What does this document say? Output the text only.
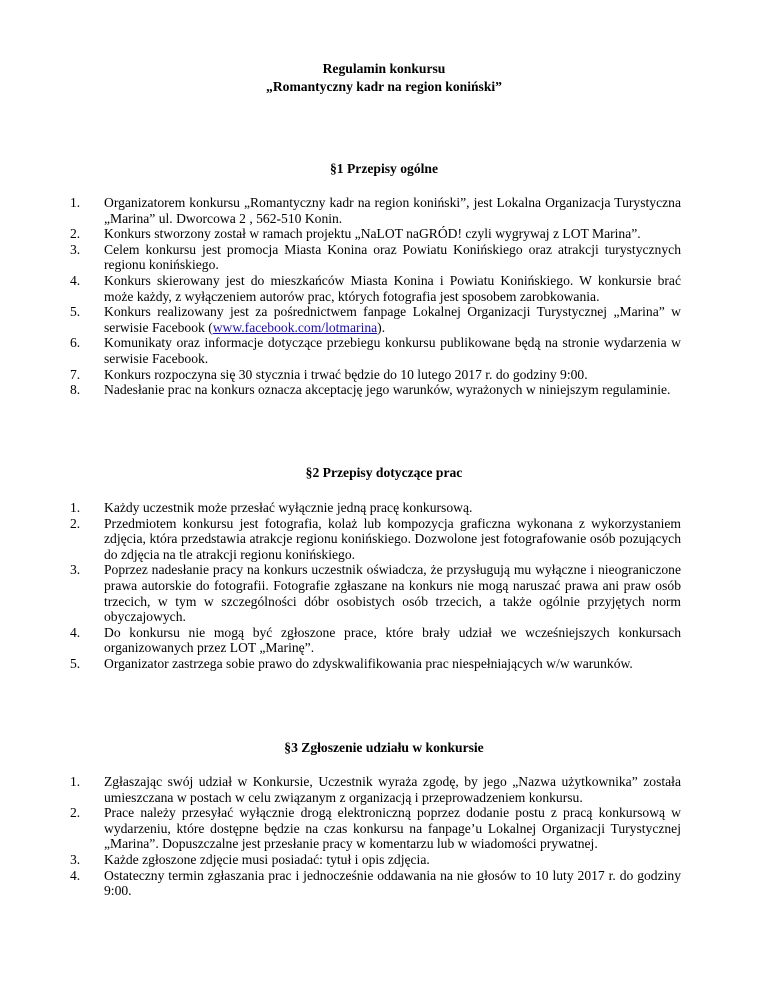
Regulamin konkursu
„Romantyczny kadr na region koniński”
§1 Przepisy ogólne
1. Organizatorem konkursu „Romantyczny kadr na region koniński”, jest Lokalna Organizacja Turystyczna „Marina” ul. Dworcowa 2 , 562-510 Konin.
2. Konkurs stworzony został w ramach projektu „NaLOT naGRÓD! czyli wygrywaj z LOT Marina”.
3. Celem konkursu jest promocja Miasta Konina oraz Powiatu Konińskiego oraz atrakcji turystycznych regionu konińskiego.
4. Konkurs skierowany jest do mieszkańców Miasta Konina i Powiatu Konińskiego. W konkursie brać może każdy, z wyłączeniem autorów prac, których fotografia jest sposobem zarobkowania.
5. Konkurs realizowany jest za pośrednictwem fanpage Lokalnej Organizacji Turystycznej „Marina” w serwisie Facebook (www.facebook.com/lotmarina).
6. Komunikaty oraz informacje dotyczące przebiegu konkursu publikowane będą na stronie wydarzenia w serwisie Facebook.
7. Konkurs rozpoczyna się 30 stycznia i trwać będzie do 10 lutego 2017 r. do godziny 9:00.
8. Nadesłanie prac na konkurs oznacza akceptację jego warunków, wyrażonych w niniejszym regulaminie.
§2 Przepisy dotyczące prac
1. Każdy uczestnik może przesłać wyłącznie jedną pracę konkursową.
2. Przedmiotem konkursu jest fotografia, kolaż lub kompozycja graficzna wykonana z wykorzystaniem zdjęcia, która przedstawia atrakcje regionu konińskiego. Dozwolone jest fotografowanie osób pozujących do zdjęcia na tle atrakcji regionu konińskiego.
3. Poprzez nadesłanie pracy na konkurs uczestnik oświadcza, że przysługują mu wyłączne i nieograniczone prawa autorskie do fotografii. Fotografie zgłaszane na konkurs nie mogą naruszać prawa ani praw osób trzecich, w tym w szczególności dóbr osobistych osób trzecich, a także ogólnie przyjętych norm obyczajowych.
4. Do konkursu nie mogą być zgłoszone prace, które brały udział we wcześniejszych konkursach organizowanych przez LOT „Marinę”.
5. Organizator zastrzega sobie prawo do zdyskwalifikowania prac niespełniających w/w warunków.
§3 Zgłoszenie udziału w konkursie
1. Zgłaszając swój udział w Konkursie, Uczestnik wyraża zgodę, by jego „Nazwa użytkownika” została umieszczana w postach w celu związanym z organizacją i przeprowadzeniem konkursu.
2. Prace należy przesyłać wyłącznie drogą elektroniczną poprzez dodanie postu z pracą konkursową w wydarzeniu, które dostępne będzie na czas konkursu na fanpage’u Lokalnej Organizacji Turystycznej „Marina”. Dopuszczalne jest przesłanie pracy w komentarzu lub w wiadomości prywatnej.
3. Każde zgłoszone zdjęcie musi posiadać: tytuł i opis zdjęcia.
4. Ostateczny termin zgłaszania prac i jednocześnie oddawania na nie głosów to 10 luty 2017 r. do godziny 9:00.
